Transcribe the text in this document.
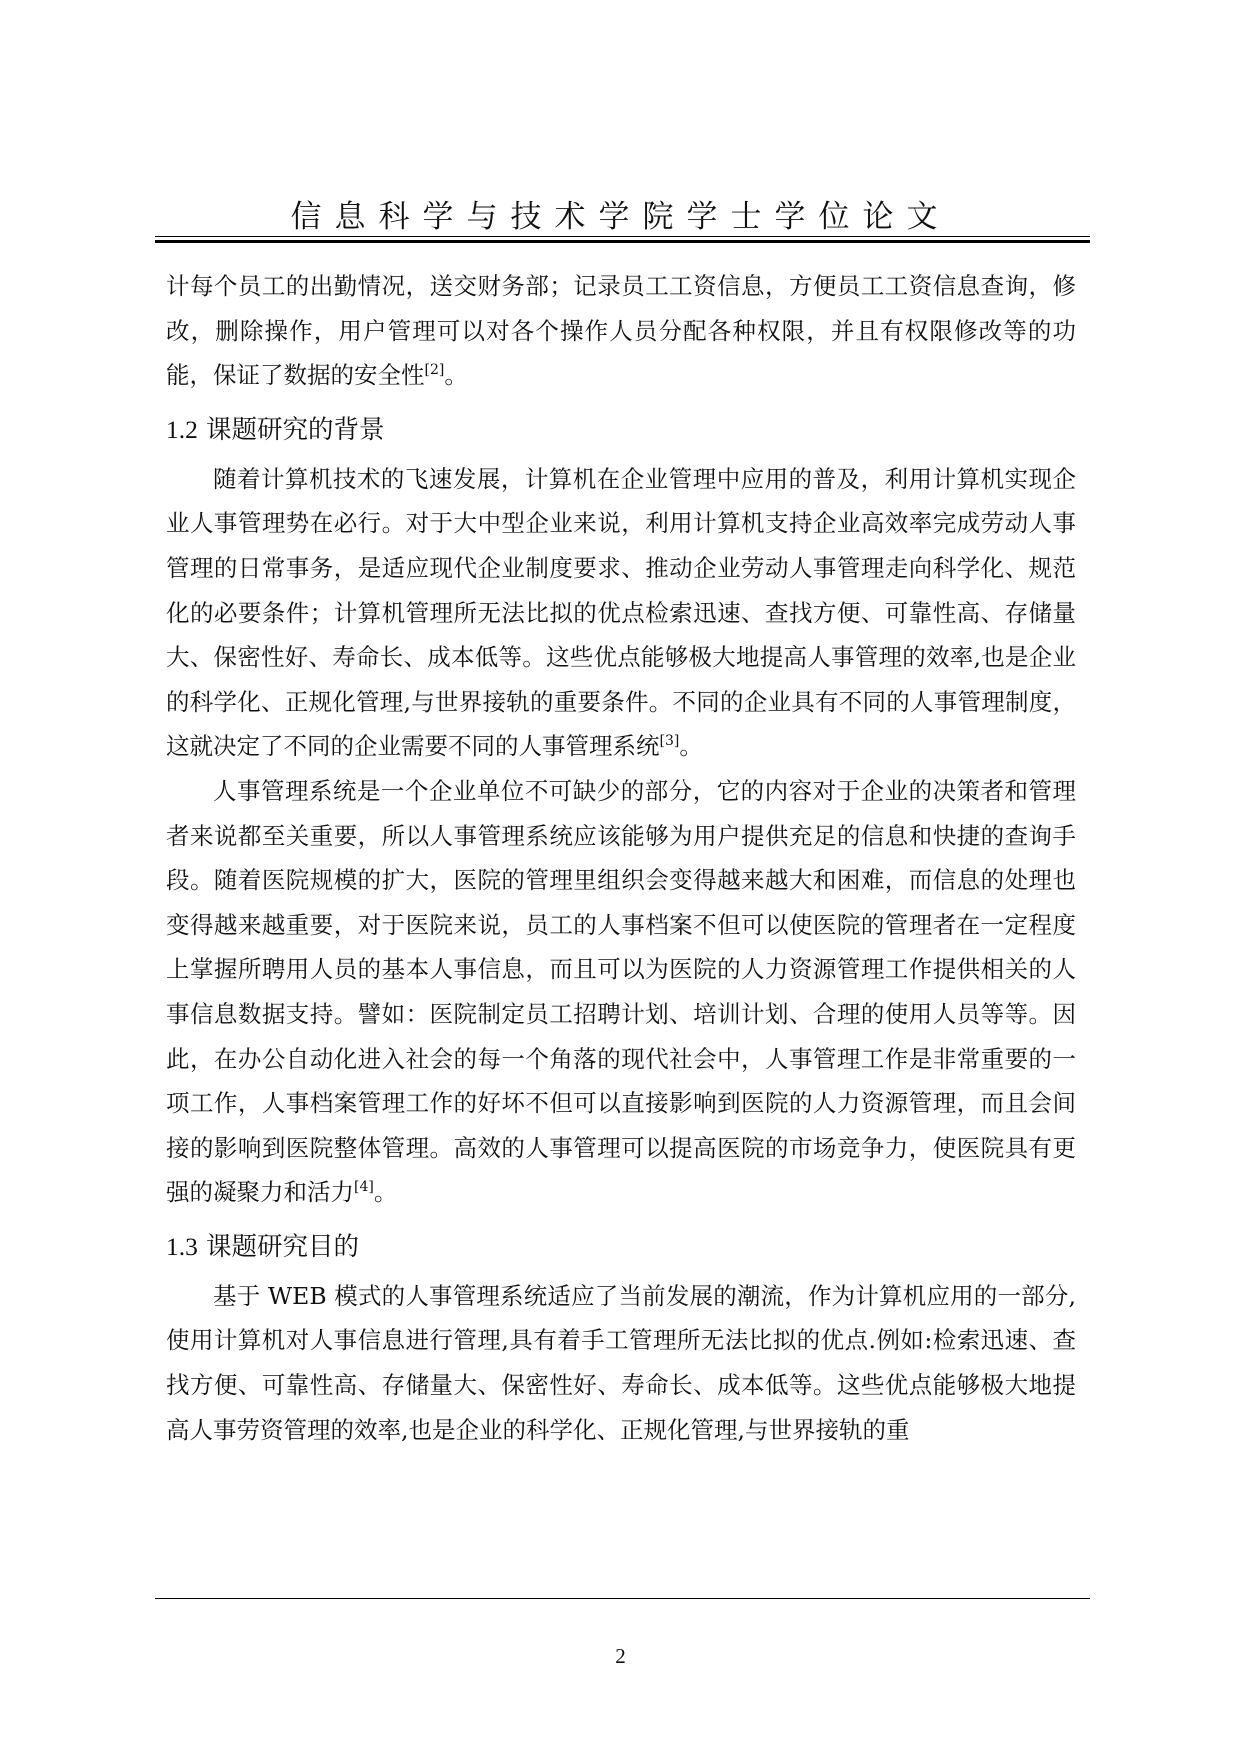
信息科学与技术学院学士学位论文

计每个员工的出勤情况，送交财务部；记录员工工资信息，方便员工工资信息查询，修改，删除操作，用户管理可以对各个操作人员分配各种权限，并且有权限修改等的功能，保证了数据的安全性[2]。

1.2 课题研究的背景

随着计算机技术的飞速发展，计算机在企业管理中应用的普及，利用计算机实现企业人事管理势在必行。对于大中型企业来说，利用计算机支持企业高效率完成劳动人事管理的日常事务，是适应现代企业制度要求、推动企业劳动人事管理走向科学化、规范化的必要条件；计算机管理所无法比拟的优点检索迅速、查找方便、可靠性高、存储量大、保密性好、寿命长、成本低等。这些优点能够极大地提高人事管理的效率,也是企业的科学化、正规化管理,与世界接轨的重要条件。不同的企业具有不同的人事管理制度，这就决定了不同的企业需要不同的人事管理系统[3]。

人事管理系统是一个企业单位不可缺少的部分，它的内容对于企业的决策者和管理者来说都至关重要，所以人事管理系统应该能够为用户提供充足的信息和快捷的查询手段。随着医院规模的扩大，医院的管理里组织会变得越来越大和困难，而信息的处理也变得越来越重要，对于医院来说，员工的人事档案不但可以使医院的管理者在一定程度上掌握所聘用人员的基本人事信息，而且可以为医院的人力资源管理工作提供相关的人事信息数据支持。譬如：医院制定员工招聘计划、培训计划、合理的使用人员等等。因此，在办公自动化进入社会的每一个角落的现代社会中，人事管理工作是非常重要的一项工作，人事档案管理工作的好坏不但可以直接影响到医院的人力资源管理，而且会间接的影响到医院整体管理。高效的人事管理可以提高医院的市场竞争力，使医院具有更强的凝聚力和活力[4]。

1.3 课题研究目的

基于 WEB 模式的人事管理系统适应了当前发展的潮流，作为计算机应用的一部分,使用计算机对人事信息进行管理,具有着手工管理所无法比拟的优点.例如:检索迅速、查找方便、可靠性高、存储量大、保密性好、寿命长、成本低等。这些优点能够极大地提高人事劳资管理的效率,也是企业的科学化、正规化管理,与世界接轨的重

2
